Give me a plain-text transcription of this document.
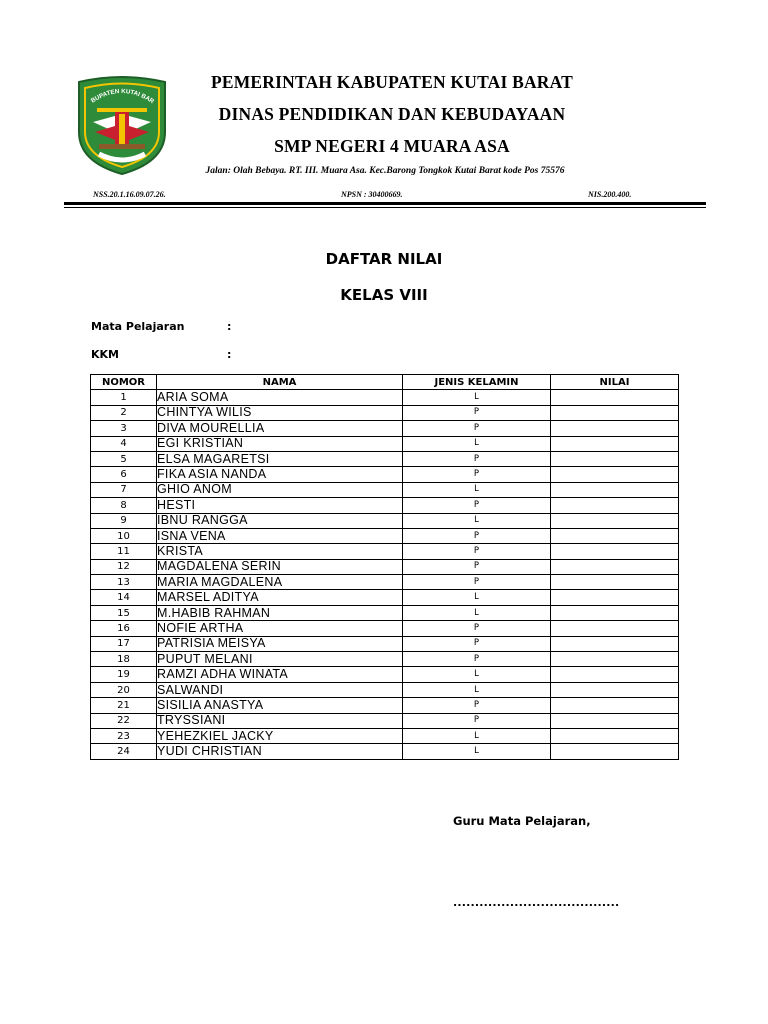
BUPATEN KUTAI BAR
PEMERINTAH KABUPATEN KUTAI BARAT
DINAS PENDIDIKAN DAN KEBUDAYAAN
SMP NEGERI 4 MUARA ASA
Jalan: Olah Bebaya. RT. III. Muara Asa. Kec.Barong Tongkok Kutai Barat kode Pos 75576
NSS.20.1.16.09.07.26.	NPSN : 30400669.	NIS.200.400.
DAFTAR NILAI
KELAS VIII
Mata Pelajaran	:
KKM	:
NOMOR	NAMA	JENIS KELAMIN	NILAI
1	ARIA SOMA	L	
2	CHINTYA WILIS	P	
3	DIVA MOURELLIA	P	
4	EGI KRISTIAN	L	
5	ELSA MAGARETSI	P	
6	FIKA ASIA NANDA	P	
7	GHIO ANOM	L	
8	HESTI	P	
9	IBNU RANGGA	L	
10	ISNA VENA	P	
11	KRISTA	P	
12	MAGDALENA SERIN	P	
13	MARIA MAGDALENA	P	
14	MARSEL ADITYA	L	
15	M.HABIB RAHMAN	L	
16	NOFIE ARTHA	P	
17	PATRISIA MEISYA	P	
18	PUPUT MELANI	P	
19	RAMZI ADHA WINATA	L	
20	SALWANDI	L	
21	SISILIA ANASTYA	P	
22	TRYSSIANI	P	
23	YEHEZKIEL JACKY	L	
24	YUDI CHRISTIAN	L	
Guru Mata Pelajaran,
......................................
